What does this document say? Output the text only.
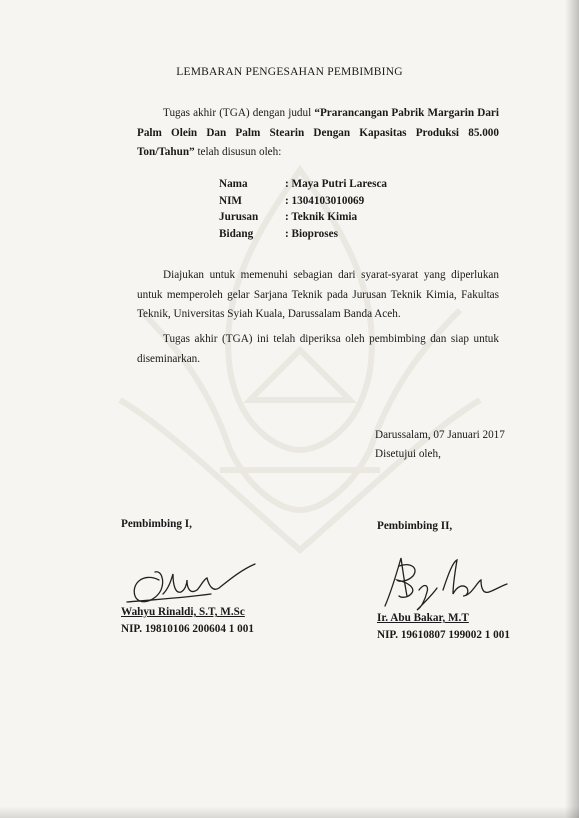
LEMBARAN PENGESAHAN PEMBIMBING
Tugas akhir (TGA) dengan judul “Prarancangan Pabrik Margarin Dari Palm Olein Dan Palm Stearin Dengan Kapasitas Produksi 85.000 Ton/Tahun” telah disusun oleh:
Nama	: Maya Putri Laresca
NIM	: 1304103010069
Jurusan : Teknik Kimia
Bidang	: Bioproses
Diajukan untuk memenuhi sebagian dari syarat-syarat yang diperlukan untuk memperoleh gelar Sarjana Teknik pada Jurusan Teknik Kimia, Fakultas Teknik, Universitas Syiah Kuala, Darussalam Banda Aceh.
Tugas akhir (TGA) ini telah diperiksa oleh pembimbing dan siap untuk diseminarkan.
Darussalam, 07 Januari 2017
Disetujui oleh,
Pembimbing I,
Wahyu Rinaldi, S.T, M.Sc
NIP. 19810106 200604 1 001
Pembimbing II,
Ir. Abu Bakar, M.T
NIP. 19610807 199002 1 001
